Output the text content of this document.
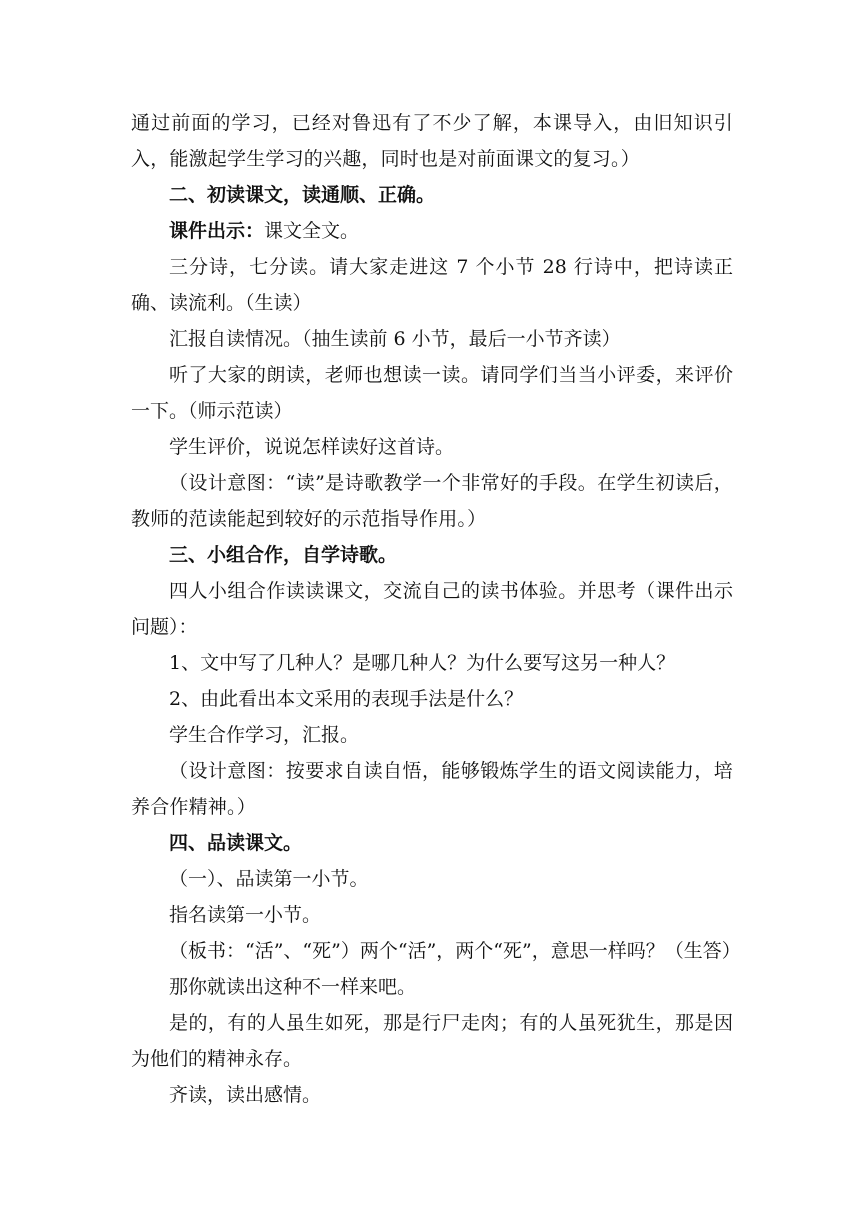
通过前面的学习，已经对鲁迅有了不少了解，本课导入，由旧知识引入，能激起学生学习的兴趣，同时也是对前面课文的复习。）

二、初读课文，读通顺、正确。

课件出示：课文全文。

三分诗，七分读。请大家走进这 7 个小节 28 行诗中，把诗读正确、读流利。（生读）

汇报自读情况。（抽生读前 6 小节，最后一小节齐读）

听了大家的朗读，老师也想读一读。请同学们当当小评委，来评价一下。（师示范读）

学生评价，说说怎样读好这首诗。

（设计意图：“读”是诗歌教学一个非常好的手段。在学生初读后，教师的范读能起到较好的示范指导作用。）

三、小组合作，自学诗歌。

四人小组合作读读课文，交流自己的读书体验。并思考（课件出示问题）：

1、文中写了几种人？是哪几种人？为什么要写这另一种人？

2、由此看出本文采用的表现手法是什么？

学生合作学习，汇报。

（设计意图：按要求自读自悟，能够锻炼学生的语文阅读能力，培养合作精神。）

四、品读课文。

（一）、品读第一小节。

指名读第一小节。

（板书：“活”、“死”）两个“活”，两个“死”，意思一样吗？（生答）

那你就读出这种不一样来吧。

是的，有的人虽生如死，那是行尸走肉；有的人虽死犹生，那是因为他们的精神永存。

齐读，读出感情。
